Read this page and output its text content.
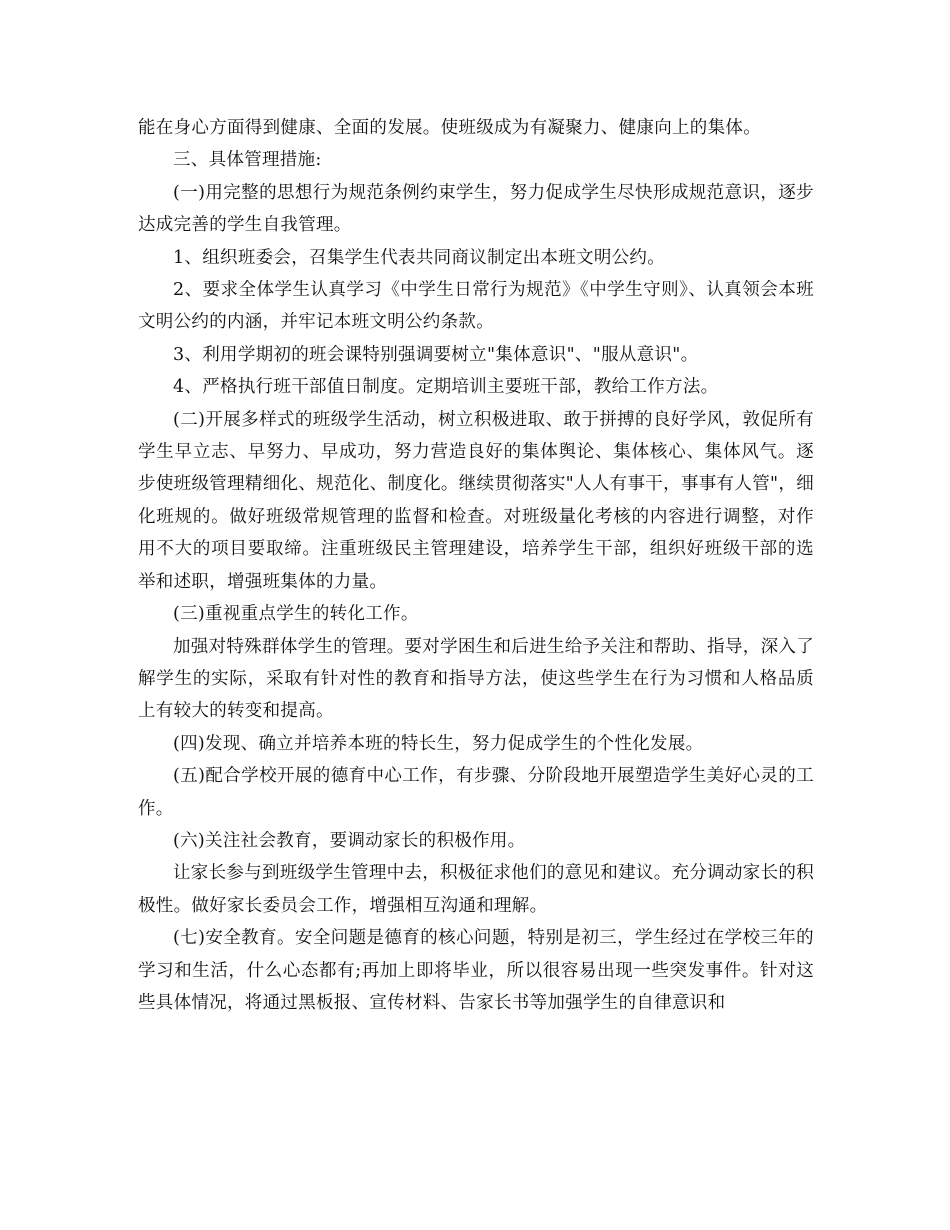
能在身心方面得到健康、全面的发展。使班级成为有凝聚力、健康向上的集体。

三、具体管理措施:

(一)用完整的思想行为规范条例约束学生，努力促成学生尽快形成规范意识，逐步达成完善的学生自我管理。

1、组织班委会，召集学生代表共同商议制定出本班文明公约。

2、要求全体学生认真学习《中学生日常行为规范》《中学生守则》、认真领会本班文明公约的内涵，并牢记本班文明公约条款。

3、利用学期初的班会课特别强调要树立"集体意识"、"服从意识"。

4、严格执行班干部值日制度。定期培训主要班干部，教给工作方法。

(二)开展多样式的班级学生活动，树立积极进取、敢于拼搏的良好学风，敦促所有学生早立志、早努力、早成功，努力营造良好的集体舆论、集体核心、集体风气。逐步使班级管理精细化、规范化、制度化。继续贯彻落实"人人有事干，事事有人管"，细化班规的。做好班级常规管理的监督和检查。对班级量化考核的内容进行调整，对作用不大的项目要取缔。注重班级民主管理建设，培养学生干部，组织好班级干部的选举和述职，增强班集体的力量。

(三)重视重点学生的转化工作。

加强对特殊群体学生的管理。要对学困生和后进生给予关注和帮助、指导，深入了解学生的实际，采取有针对性的教育和指导方法，使这些学生在行为习惯和人格品质上有较大的转变和提高。

(四)发现、确立并培养本班的特长生，努力促成学生的个性化发展。

(五)配合学校开展的德育中心工作，有步骤、分阶段地开展塑造学生美好心灵的工作。

(六)关注社会教育，要调动家长的积极作用。

让家长参与到班级学生管理中去，积极征求他们的意见和建议。充分调动家长的积极性。做好家长委员会工作，增强相互沟通和理解。

(七)安全教育。安全问题是德育的核心问题，特别是初三，学生经过在学校三年的学习和生活，什么心态都有;再加上即将毕业，所以很容易出现一些突发事件。针对这些具体情况，将通过黑板报、宣传材料、告家长书等加强学生的自律意识和
